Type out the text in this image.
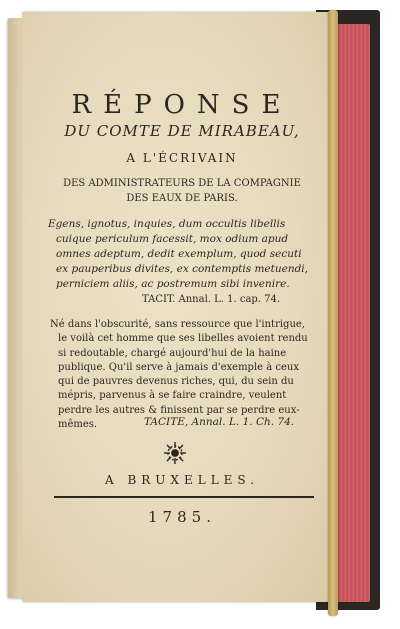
RÉPONSE
DU COMTE DE MIRABEAU,
A L'ÉCRIVAIN
DES ADMINISTRATEURS DE LA COMPAGNIE
DES EAUX DE PARIS.
Egens, ignotus, inquies, dum occultis libellis
cuique periculum facessit, mox odium apud
omnes adeptum, dedit exemplum, quod secuti
ex pauperibus divites, ex contemptis metuendi,
perniciem aliis, ac postremum sibi invenire.
TACIT. Annal. L. 1. cap. 74.
Né dans l'obscurité, sans ressource que l'intrigue,
le voilà cet homme que ses libelles avoient rendu
si redoutable, chargé aujourd'hui de la haine
publique. Qu'il serve à jamais d'exemple à ceux
qui de pauvres devenus riches, qui, du sein du
mépris, parvenus à se faire craindre, veulent
perdre les autres & finissent par se perdre eux-
mêmes.	TACITE, Annal. L. 1. Ch. 74.
A BRUXELLES.
1785.
